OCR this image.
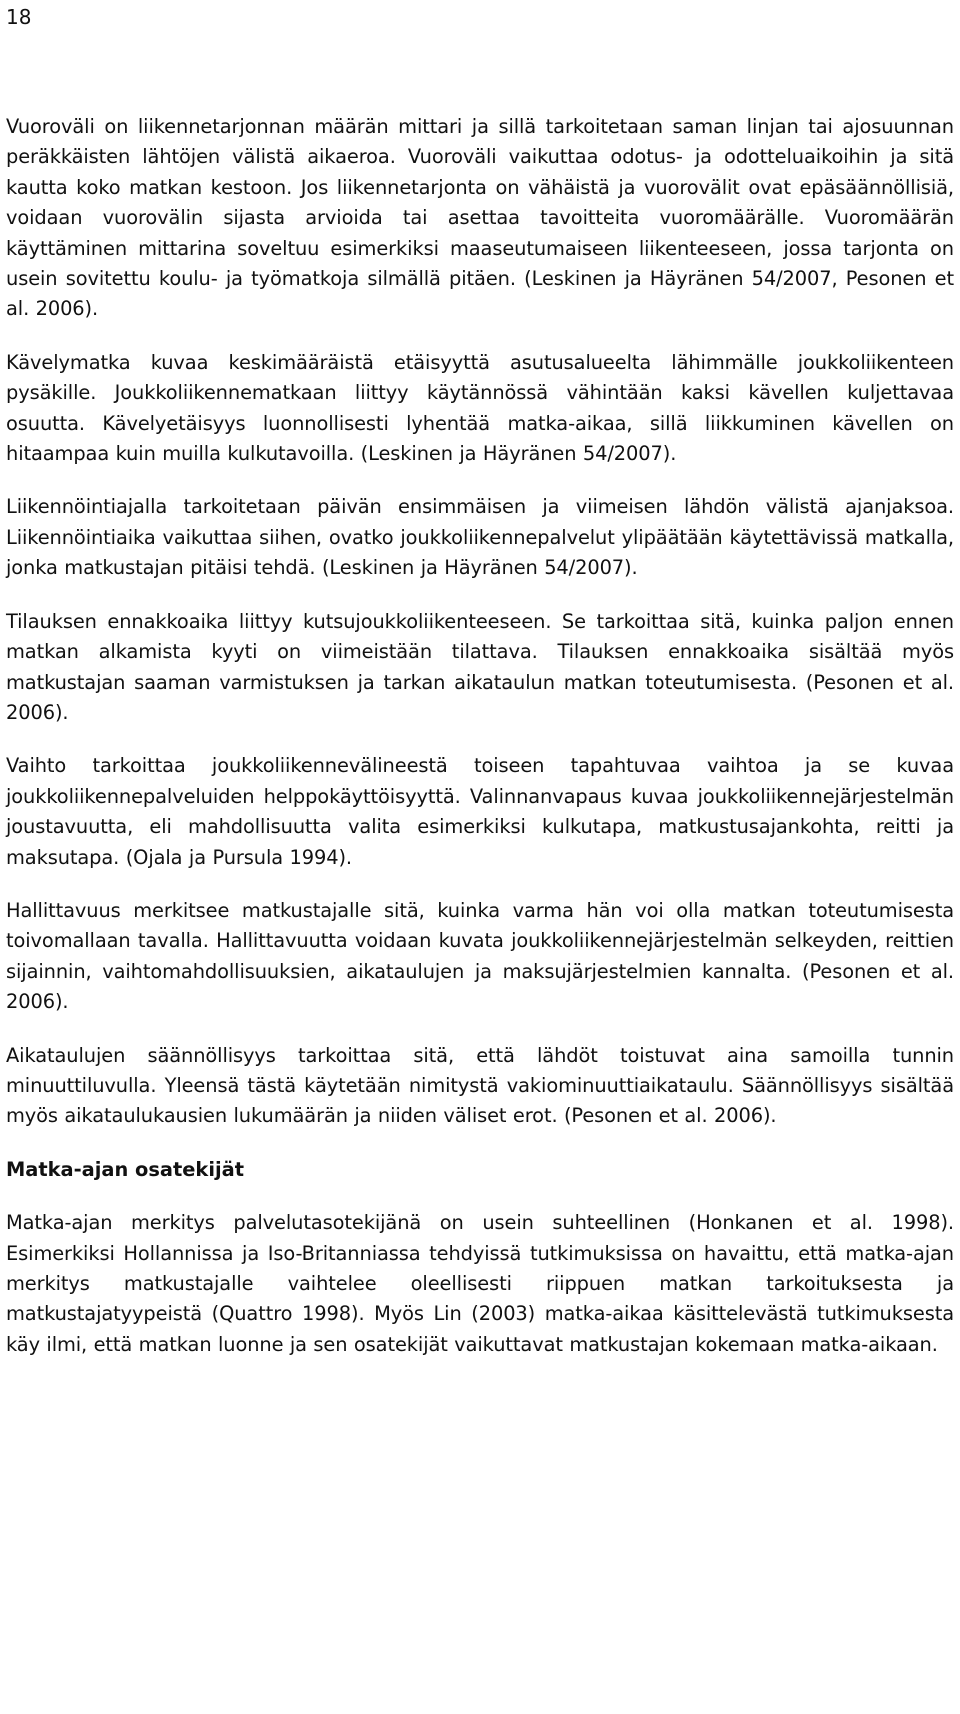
18

Vuoroväli on liikennetarjonnan määrän mittari ja sillä tarkoitetaan saman linjan tai ajosuunnan peräkkäisten lähtöjen välistä aikaeroa. Vuoroväli vaikuttaa odotus- ja odotteluaikoihin ja sitä kautta koko matkan kestoon. Jos liikennetarjonta on vähäistä ja vuorovälit ovat epäsäännöllisiä, voidaan vuorovälin sijasta arvioida tai asettaa tavoitteita vuoromäärälle. Vuoromäärän käyttäminen mittarina soveltuu esimerkiksi maaseutumaiseen liikenteeseen, jossa tarjonta on usein sovitettu koulu- ja työmatkoja silmällä pitäen. (Leskinen ja Häyränen 54/2007, Pesonen et al. 2006).

Kävelymatka kuvaa keskimääräistä etäisyyttä asutusalueelta lähimmälle joukkoliikenteen pysäkille. Joukkoliikennematkaan liittyy käytännössä vähintään kaksi kävellen kuljettavaa osuutta. Kävelyetäisyys luonnollisesti lyhentää matka-aikaa, sillä liikkuminen kävellen on hitaampaa kuin muilla kulkutavoilla. (Leskinen ja Häyränen 54/2007).

Liikennöintiajalla tarkoitetaan päivän ensimmäisen ja viimeisen lähdön välistä ajanjaksoa. Liikennöintiaika vaikuttaa siihen, ovatko joukkoliikennepalvelut ylipäätään käytettävissä matkalla, jonka matkustajan pitäisi tehdä. (Leskinen ja Häyränen 54/2007).

Tilauksen ennakkoaika liittyy kutsujoukkoliikenteeseen. Se tarkoittaa sitä, kuinka paljon ennen matkan alkamista kyyti on viimeistään tilattava. Tilauksen ennakkoaika sisältää myös matkustajan saaman varmistuksen ja tarkan aikataulun matkan toteutumisesta. (Pesonen et al. 2006).

Vaihto tarkoittaa joukkoliikennevälineestä toiseen tapahtuvaa vaihtoa ja se kuvaa joukkoliikennepalveluiden helppokäyttöisyyttä. Valinnanvapaus kuvaa joukkoliikennejärjestelmän joustavuutta, eli mahdollisuutta valita esimerkiksi kulkutapa, matkustusajankohta, reitti ja maksutapa. (Ojala ja Pursula 1994).

Hallittavuus merkitsee matkustajalle sitä, kuinka varma hän voi olla matkan toteutumisesta toivomallaan tavalla. Hallittavuutta voidaan kuvata joukkoliikennejärjestelmän selkeyden, reittien sijainnin, vaihtomahdollisuuksien, aikataulujen ja maksujärjestelmien kannalta. (Pesonen et al. 2006).

Aikataulujen säännöllisyys tarkoittaa sitä, että lähdöt toistuvat aina samoilla tunnin minuuttiluvulla. Yleensä tästä käytetään nimitystä vakiominuuttiaikataulu. Säännöllisyys sisältää myös aikataulukausien lukumäärän ja niiden väliset erot. (Pesonen et al. 2006).

Matka-ajan osatekijät

Matka-ajan merkitys palvelutasotekijänä on usein suhteellinen (Honkanen et al. 1998). Esimerkiksi Hollannissa ja Iso-Britanniassa tehdyissä tutkimuksissa on havaittu, että matka-ajan merkitys matkustajalle vaihtelee oleellisesti riippuen matkan tarkoituksesta ja matkustajatyypeistä (Quattro 1998). Myös Lin (2003) matka-aikaa käsittelevästä tutkimuksesta käy ilmi, että matkan luonne ja sen osatekijät vaikuttavat matkustajan kokemaan matka-aikaan.
